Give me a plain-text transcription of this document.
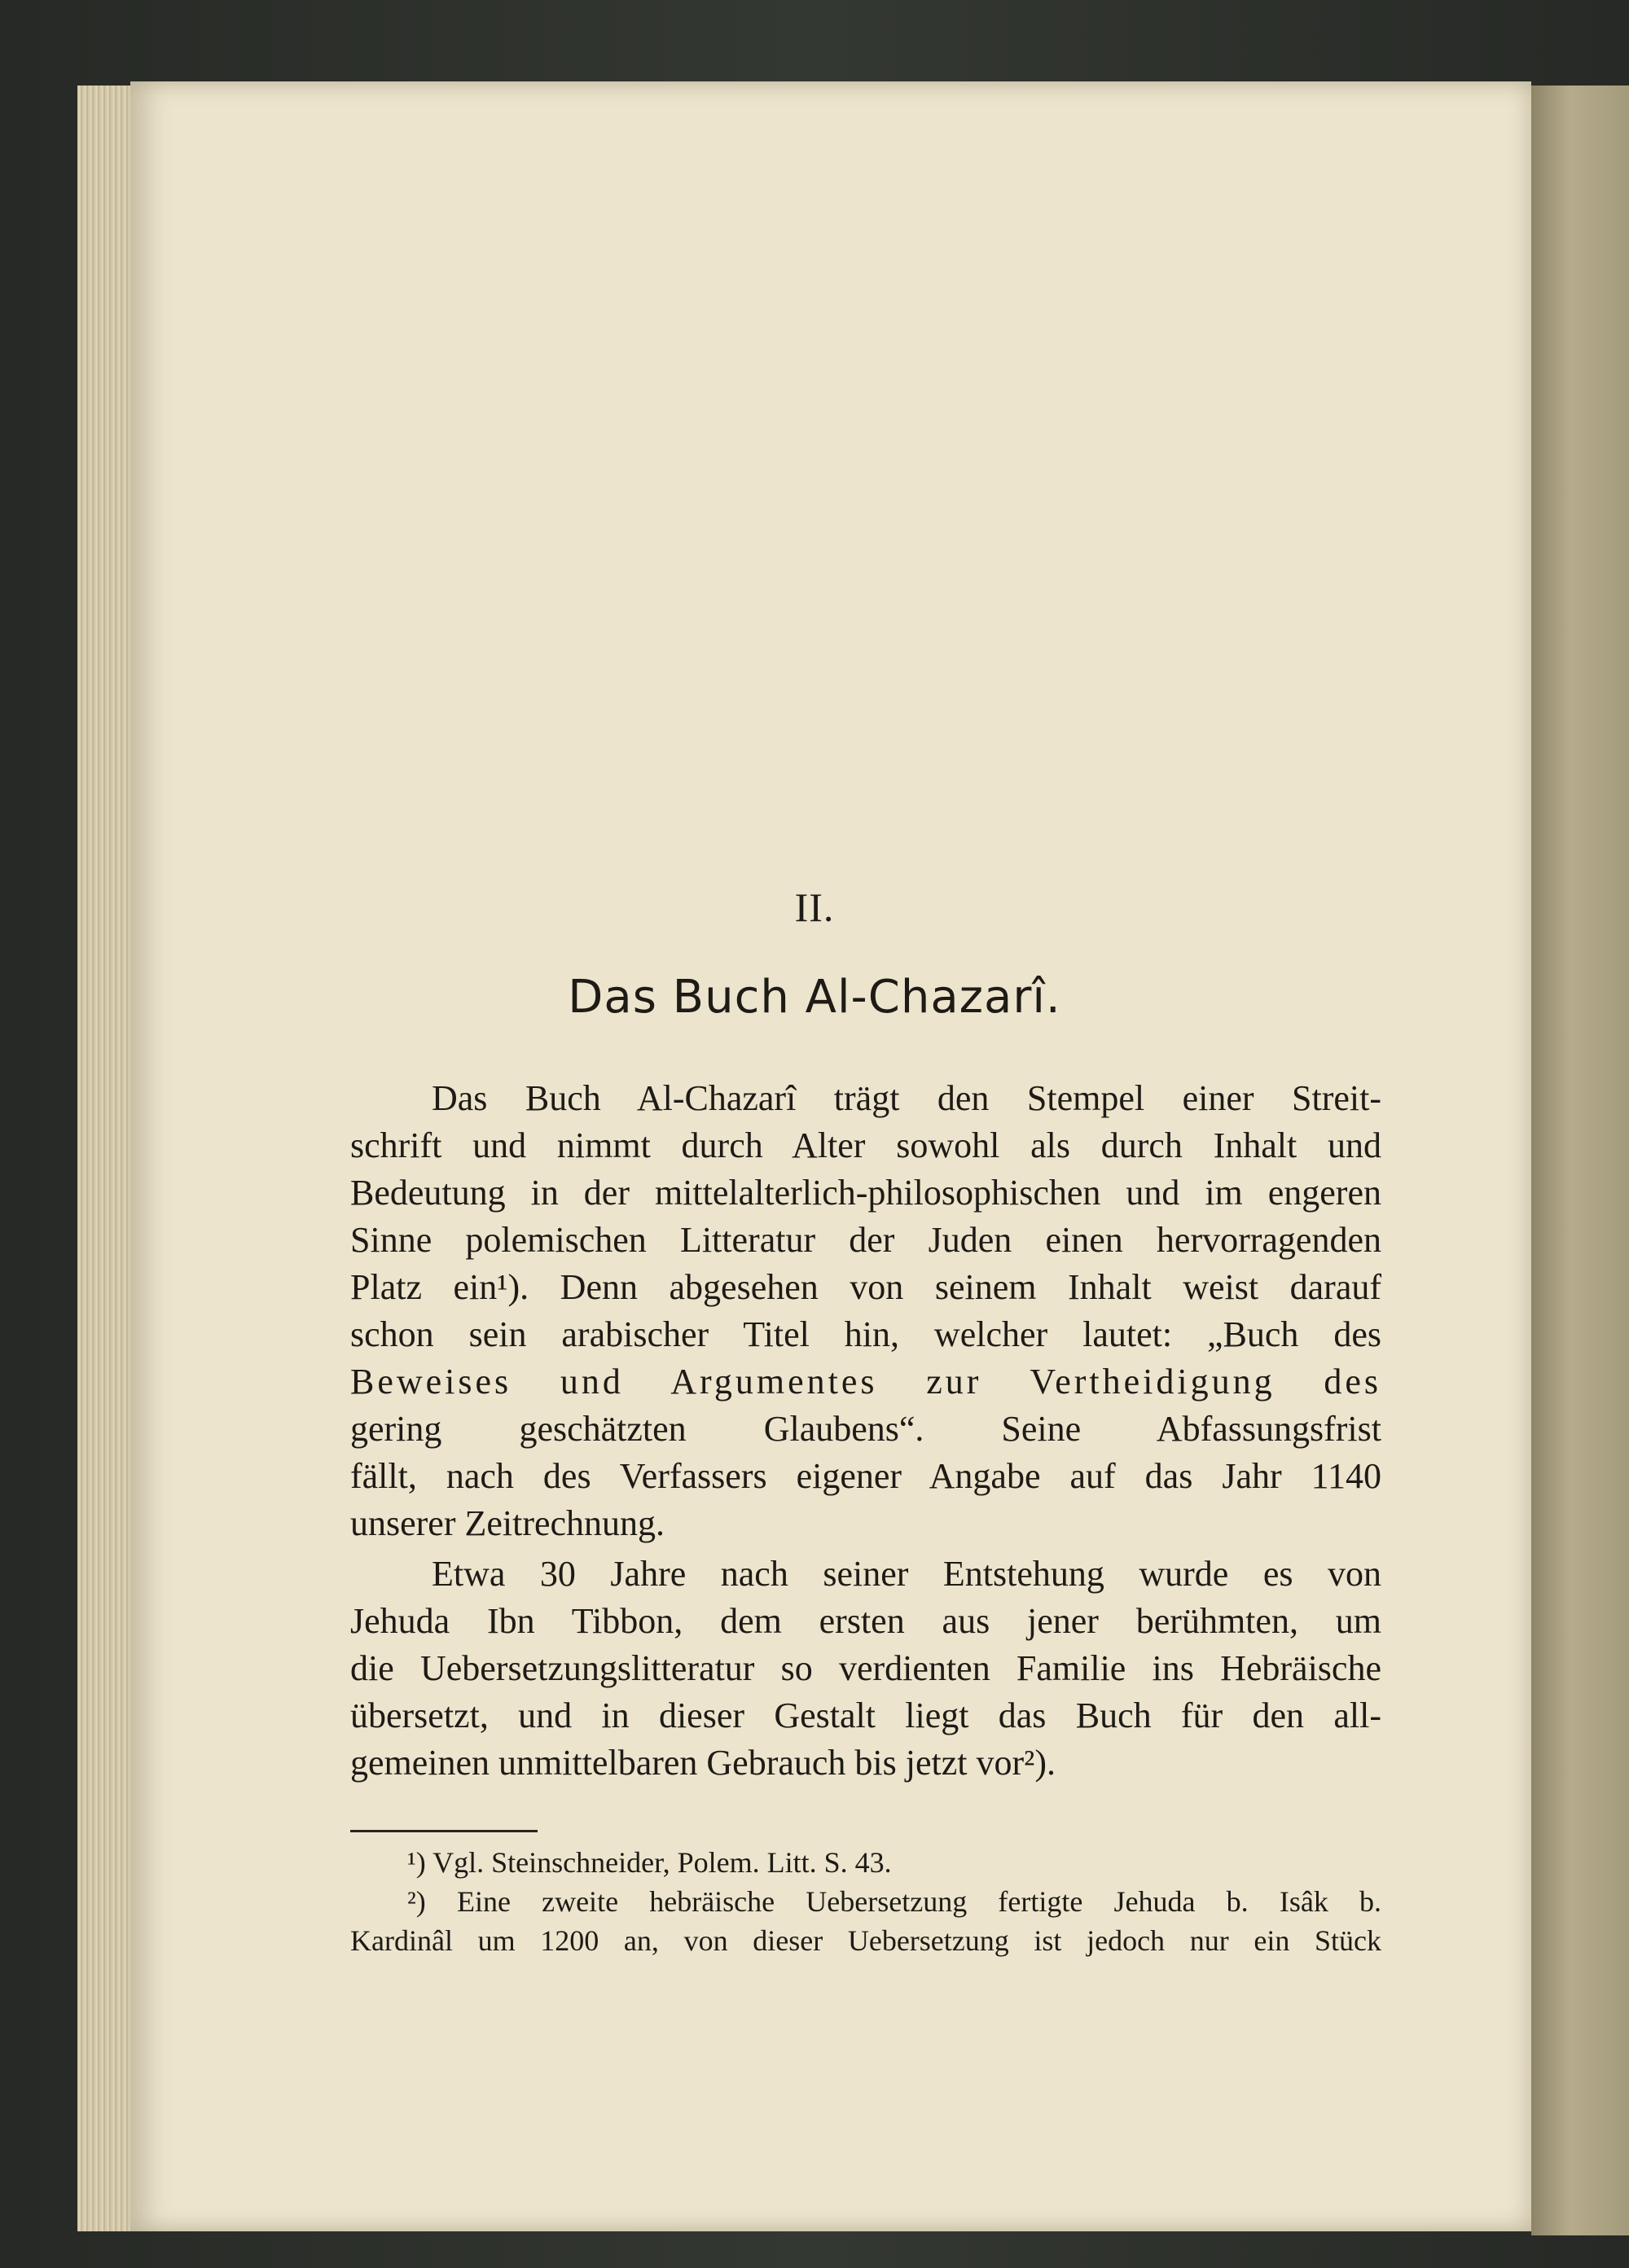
II.
Das Buch Al-Chazarî.
Das Buch Al-Chazarî trägt den Stempel einer Streit-
schrift und nimmt durch Alter sowohl als durch Inhalt und
Bedeutung in der mittelalterlich-philosophischen und im engeren
Sinne polemischen Litteratur der Juden einen hervorragenden
Platz ein¹). Denn abgesehen von seinem Inhalt weist darauf
schon sein arabischer Titel hin, welcher lautet: „Buch des
Beweises und Argumentes zur Vertheidigung des
gering geschätzten Glaubens“. Seine Abfassungsfrist
fällt, nach des Verfassers eigener Angabe auf das Jahr 1140
unserer Zeitrechnung.
Etwa 30 Jahre nach seiner Entstehung wurde es von
Jehuda Ibn Tibbon, dem ersten aus jener berühmten, um
die Uebersetzungslitteratur so verdienten Familie ins Hebräische
übersetzt, und in dieser Gestalt liegt das Buch für den all-
gemeinen unmittelbaren Gebrauch bis jetzt vor²).
¹) Vgl. Steinschneider, Polem. Litt. S. 43.
²) Eine zweite hebräische Uebersetzung fertigte Jehuda b. Isâk b.
Kardinâl um 1200 an, von dieser Uebersetzung ist jedoch nur ein Stück
